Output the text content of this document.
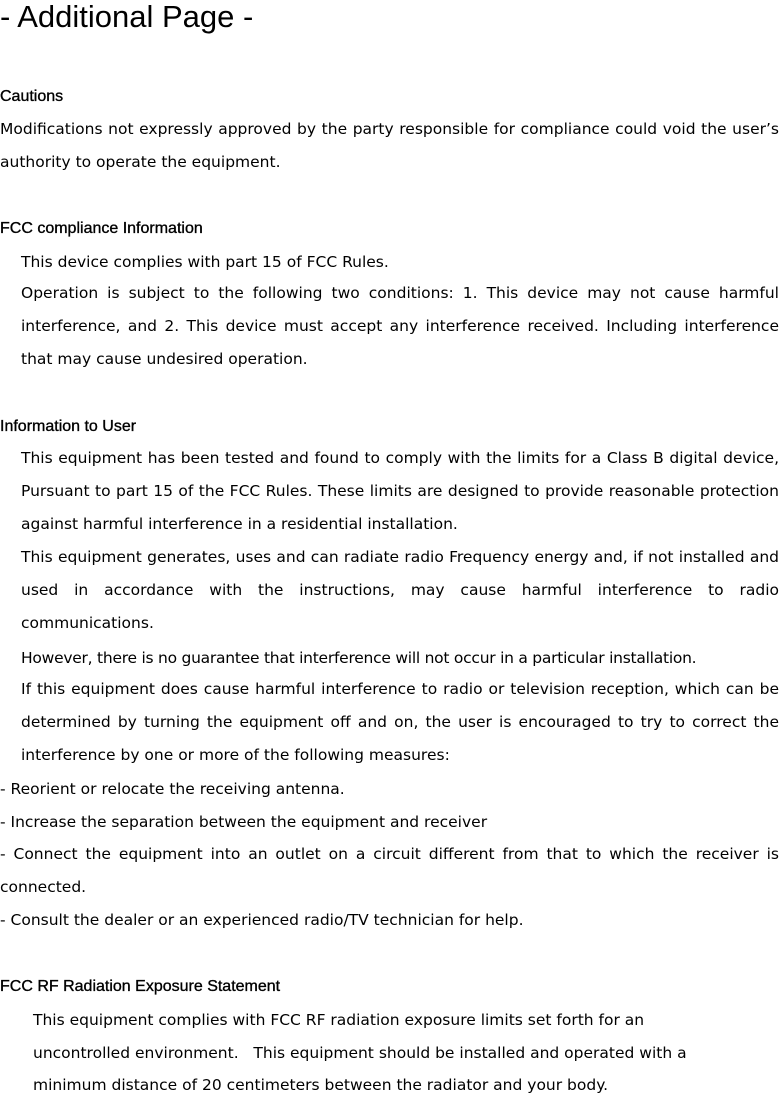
- Additional Page -
Cautions

Modifications not expressly approved by the party responsible for compliance could void the user’s authority to operate the equipment.

FCC compliance Information

This device complies with part 15 of FCC Rules.

Operation is subject to the following two conditions: 1. This device may not cause harmful interference, and 2. This device must accept any interference received. Including interference that may cause undesired operation.

Information to User

This equipment has been tested and found to comply with the limits for a Class B digital device, Pursuant to part 15 of the FCC Rules. These limits are designed to provide reasonable protection against harmful interference in a residential installation.

This equipment generates, uses and can radiate radio Frequency energy and, if not installed and used in accordance with the instructions, may cause harmful interference to radio communications.

However, there is no guarantee that interference will not occur in a particular installation.

If this equipment does cause harmful interference to radio or television reception, which can be determined by turning the equipment off and on, the user is encouraged to try to correct the interference by one or more of the following measures:

- Reorient or relocate the receiving antenna.

- Increase the separation between the equipment and receiver

- Connect the equipment into an outlet on a circuit different from that to which the receiver is connected.

- Consult the dealer or an experienced radio/TV technician for help.

FCC RF Radiation Exposure Statement

This equipment complies with FCC RF radiation exposure limits set forth for an

uncontrolled environment.   This equipment should be installed and operated with a

minimum distance of 20 centimeters between the radiator and your body.
